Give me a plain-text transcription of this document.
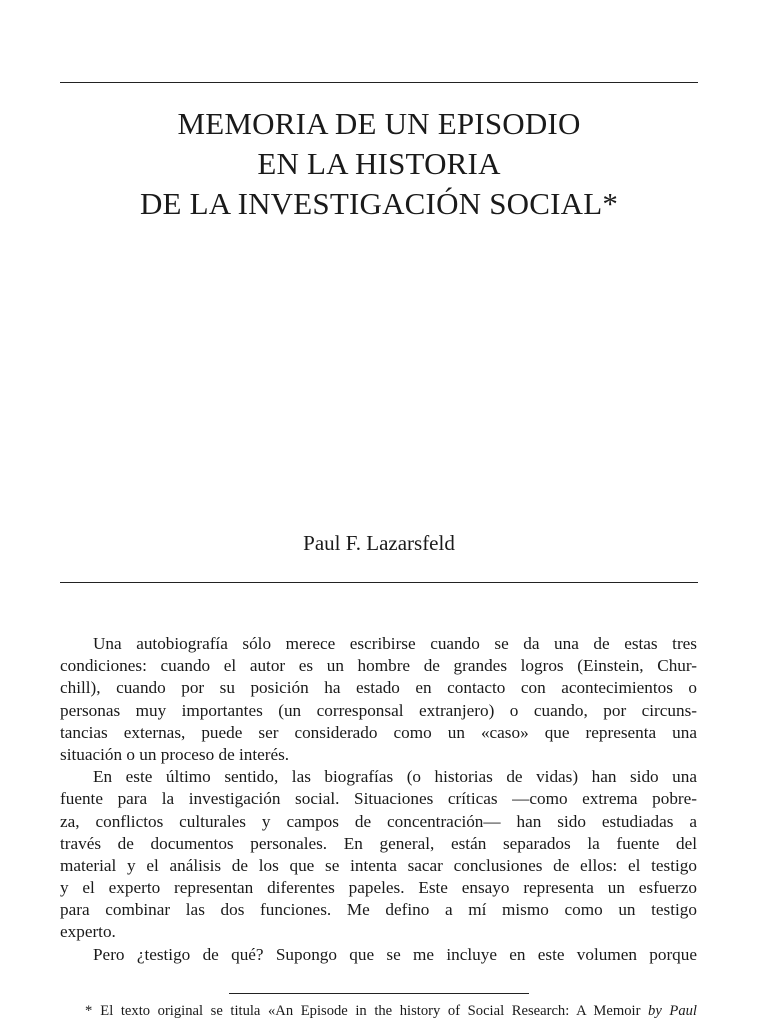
MEMORIA DE UN EPISODIO
EN LA HISTORIA
DE LA INVESTIGACIÓN SOCIAL*
Paul F. Lazarsfeld
Una autobiografía sólo merece escribirse cuando se da una de estas tres
condiciones: cuando el autor es un hombre de grandes logros (Einstein, Chur-
chill), cuando por su posición ha estado en contacto con acontecimientos o
personas muy importantes (un corresponsal extranjero) o cuando, por circuns-
tancias externas, puede ser considerado como un «caso» que representa una
situación o un proceso de interés.
En este último sentido, las biografías (o historias de vidas) han sido una
fuente para la investigación social. Situaciones críticas —como extrema pobre-
za, conflictos culturales y campos de concentración— han sido estudiadas a
través de documentos personales. En general, están separados la fuente del
material y el análisis de los que se intenta sacar conclusiones de ellos: el testigo
y el experto representan diferentes papeles. Este ensayo representa un esfuerzo
para combinar las dos funciones. Me defino a mí mismo como un testigo
experto.
Pero ¿testigo de qué? Supongo que se me incluye en este volumen porque
* El texto original se titula «An Episode in the history of Social Research: A Memoir by Paul
